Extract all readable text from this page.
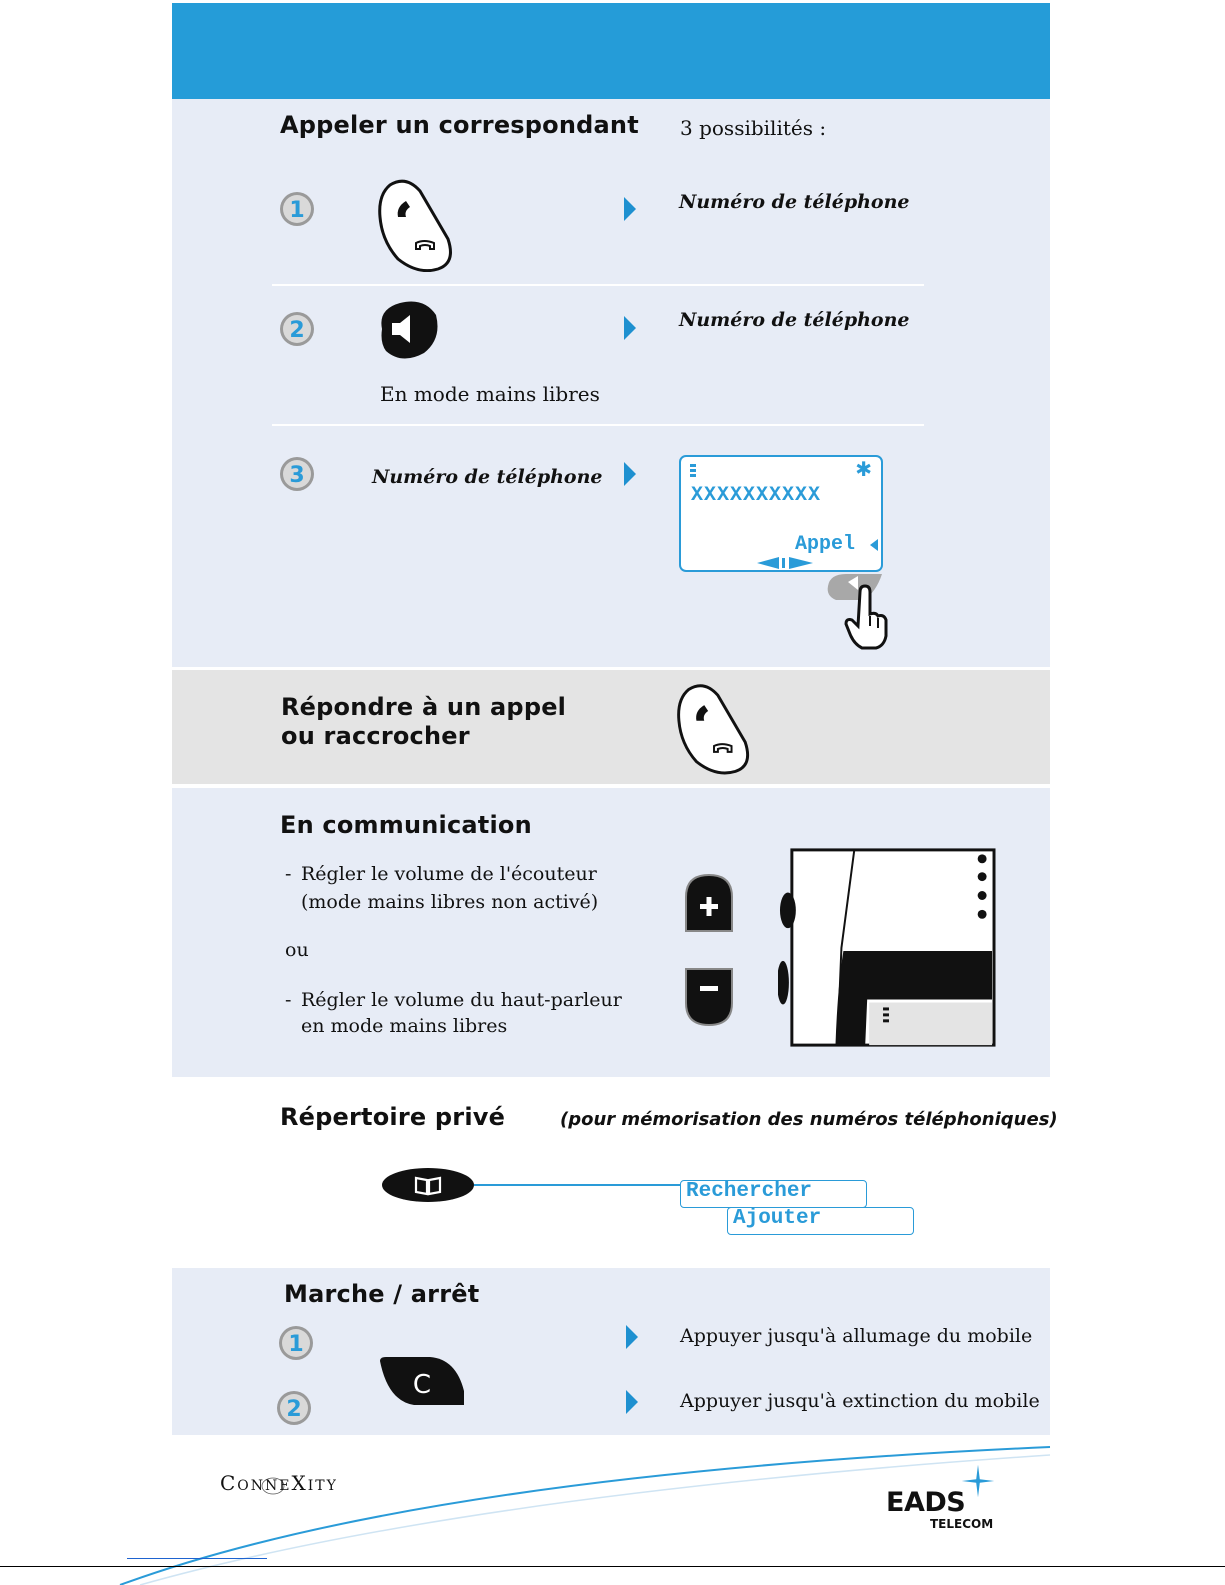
Appeler un correspondant 3 possibilités :
1	Numéro de téléphone
2	Numéro de téléphone
En mode mains libres
3	Numéro de téléphone	✱
XXXXXXXXXX
Appel
Répondre à un appel
ou raccrocher
En communication
- Régler le volume de l'écouteur
(mode mains libres non activé)
ou
- Régler le volume du haut-parleur
en mode mains libres
Répertoire privé	(pour mémorisation des numéros téléphoniques)
Rechercher
Ajouter
Marche / arrêt
1
2
C
Appuyer jusqu'à allumage du mobile
Appuyer jusqu'à extinction du mobile
ConneXity
EADS
TELECOM
